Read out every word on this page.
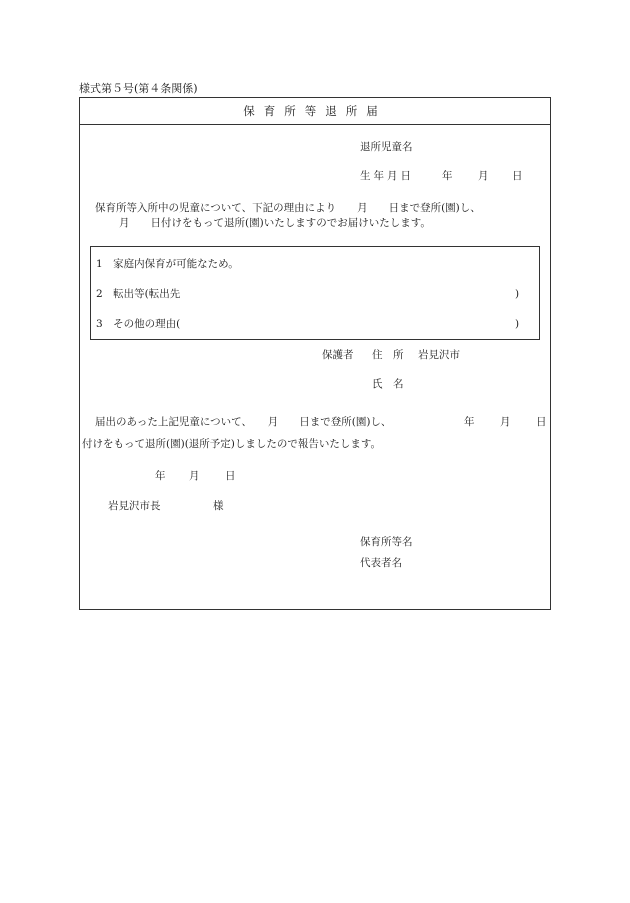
様式第５号(第４条関係)
保育所等退所届
退所児童名
生年月日	年 月 日
保育所等入所中の児童について、下記の理由により　　月　　日まで登所(園)し、
月　　日付けをもって退所(園)いたしますのでお届けいたします。
1　家庭内保育が可能なため。
2　転出等(転出先	)
3　その他の理由(	)
保護者 住　所 岩見沢市
氏　名
届出のあった上記児童について、　　月　　日まで登所(園)し、	年 月 日
付けをもって退所(園)(退所予定)しましたので報告いたします。
年 月 日
岩見沢市長	様
保育所等名
代表者名
